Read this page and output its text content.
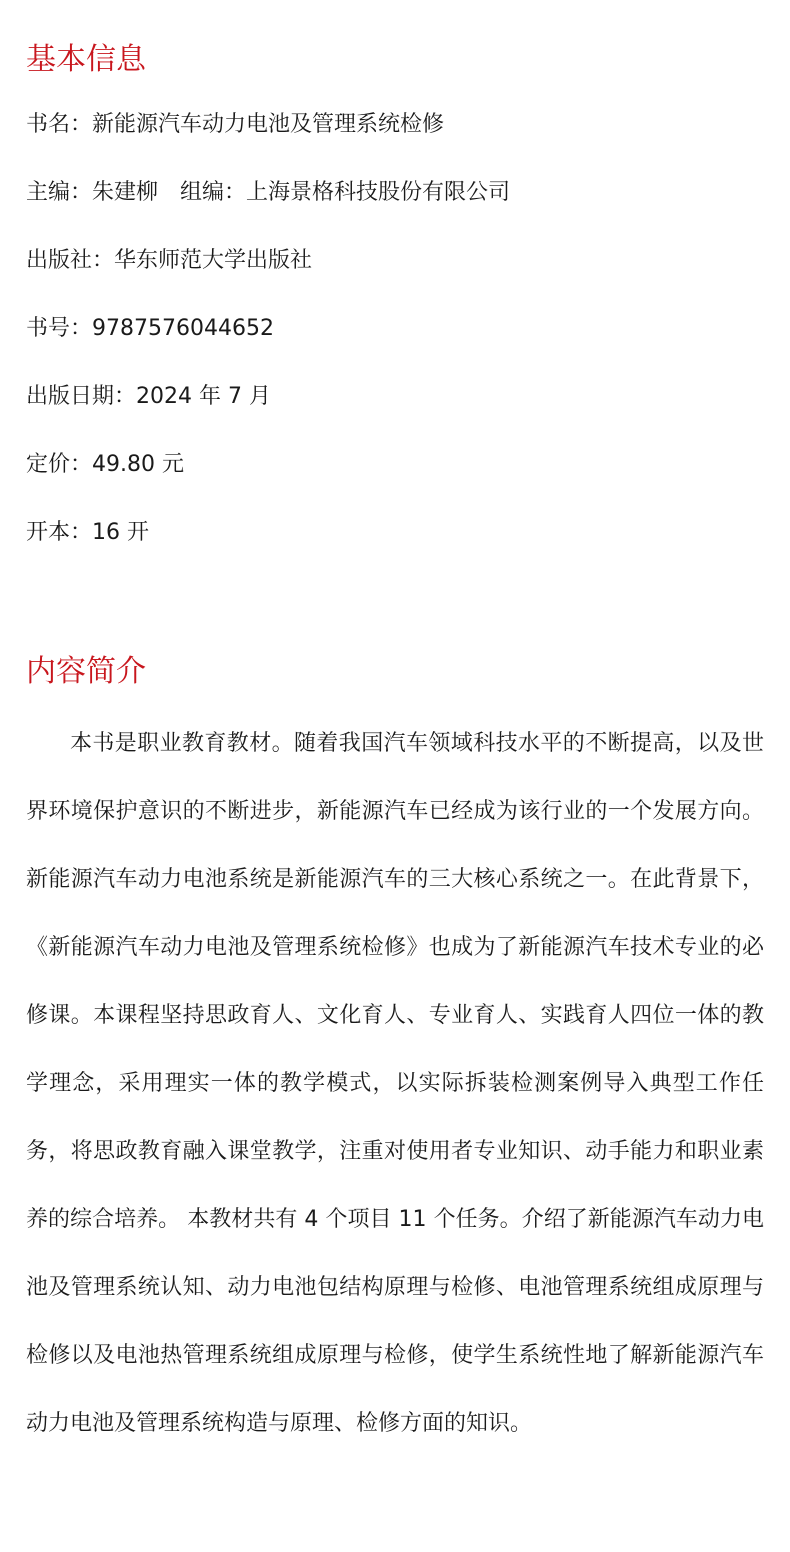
基本信息
书名：新能源汽车动力电池及管理系统检修
主编：朱建柳 组编：上海景格科技股份有限公司
出版社：华东师范大学出版社
书号：9787576044652
出版日期：2024 年 7 月
定价：49.80 元
开本：16 开
内容简介

本书是职业教育教材。随着我国汽车领域科技水平的不断提高，以及世界环境保护意识的不断进步，新能源汽车已经成为该行业的一个发展方向。新能源汽车动力电池系统是新能源汽车的三大核心系统之一。在此背景下，《新能源汽车动力电池及管理系统检修》也成为了新能源汽车技术专业的必修课。本课程坚持思政育人、文化育人、专业育人、实践育人四位一体的教学理念，采用理实一体的教学模式，以实际拆装检测案例导入典型工作任务，将思政教育融入课堂教学，注重对使用者专业知识、动手能力和职业素养的综合培养。 本教材共有 4 个项目 11 个任务。介绍了新能源汽车动力电池及管理系统认知、动力电池包结构原理与检修、电池管理系统组成原理与检修以及电池热管理系统组成原理与检修，使学生系统性地了解新能源汽车动力电池及管理系统构造与原理、检修方面的知识。
